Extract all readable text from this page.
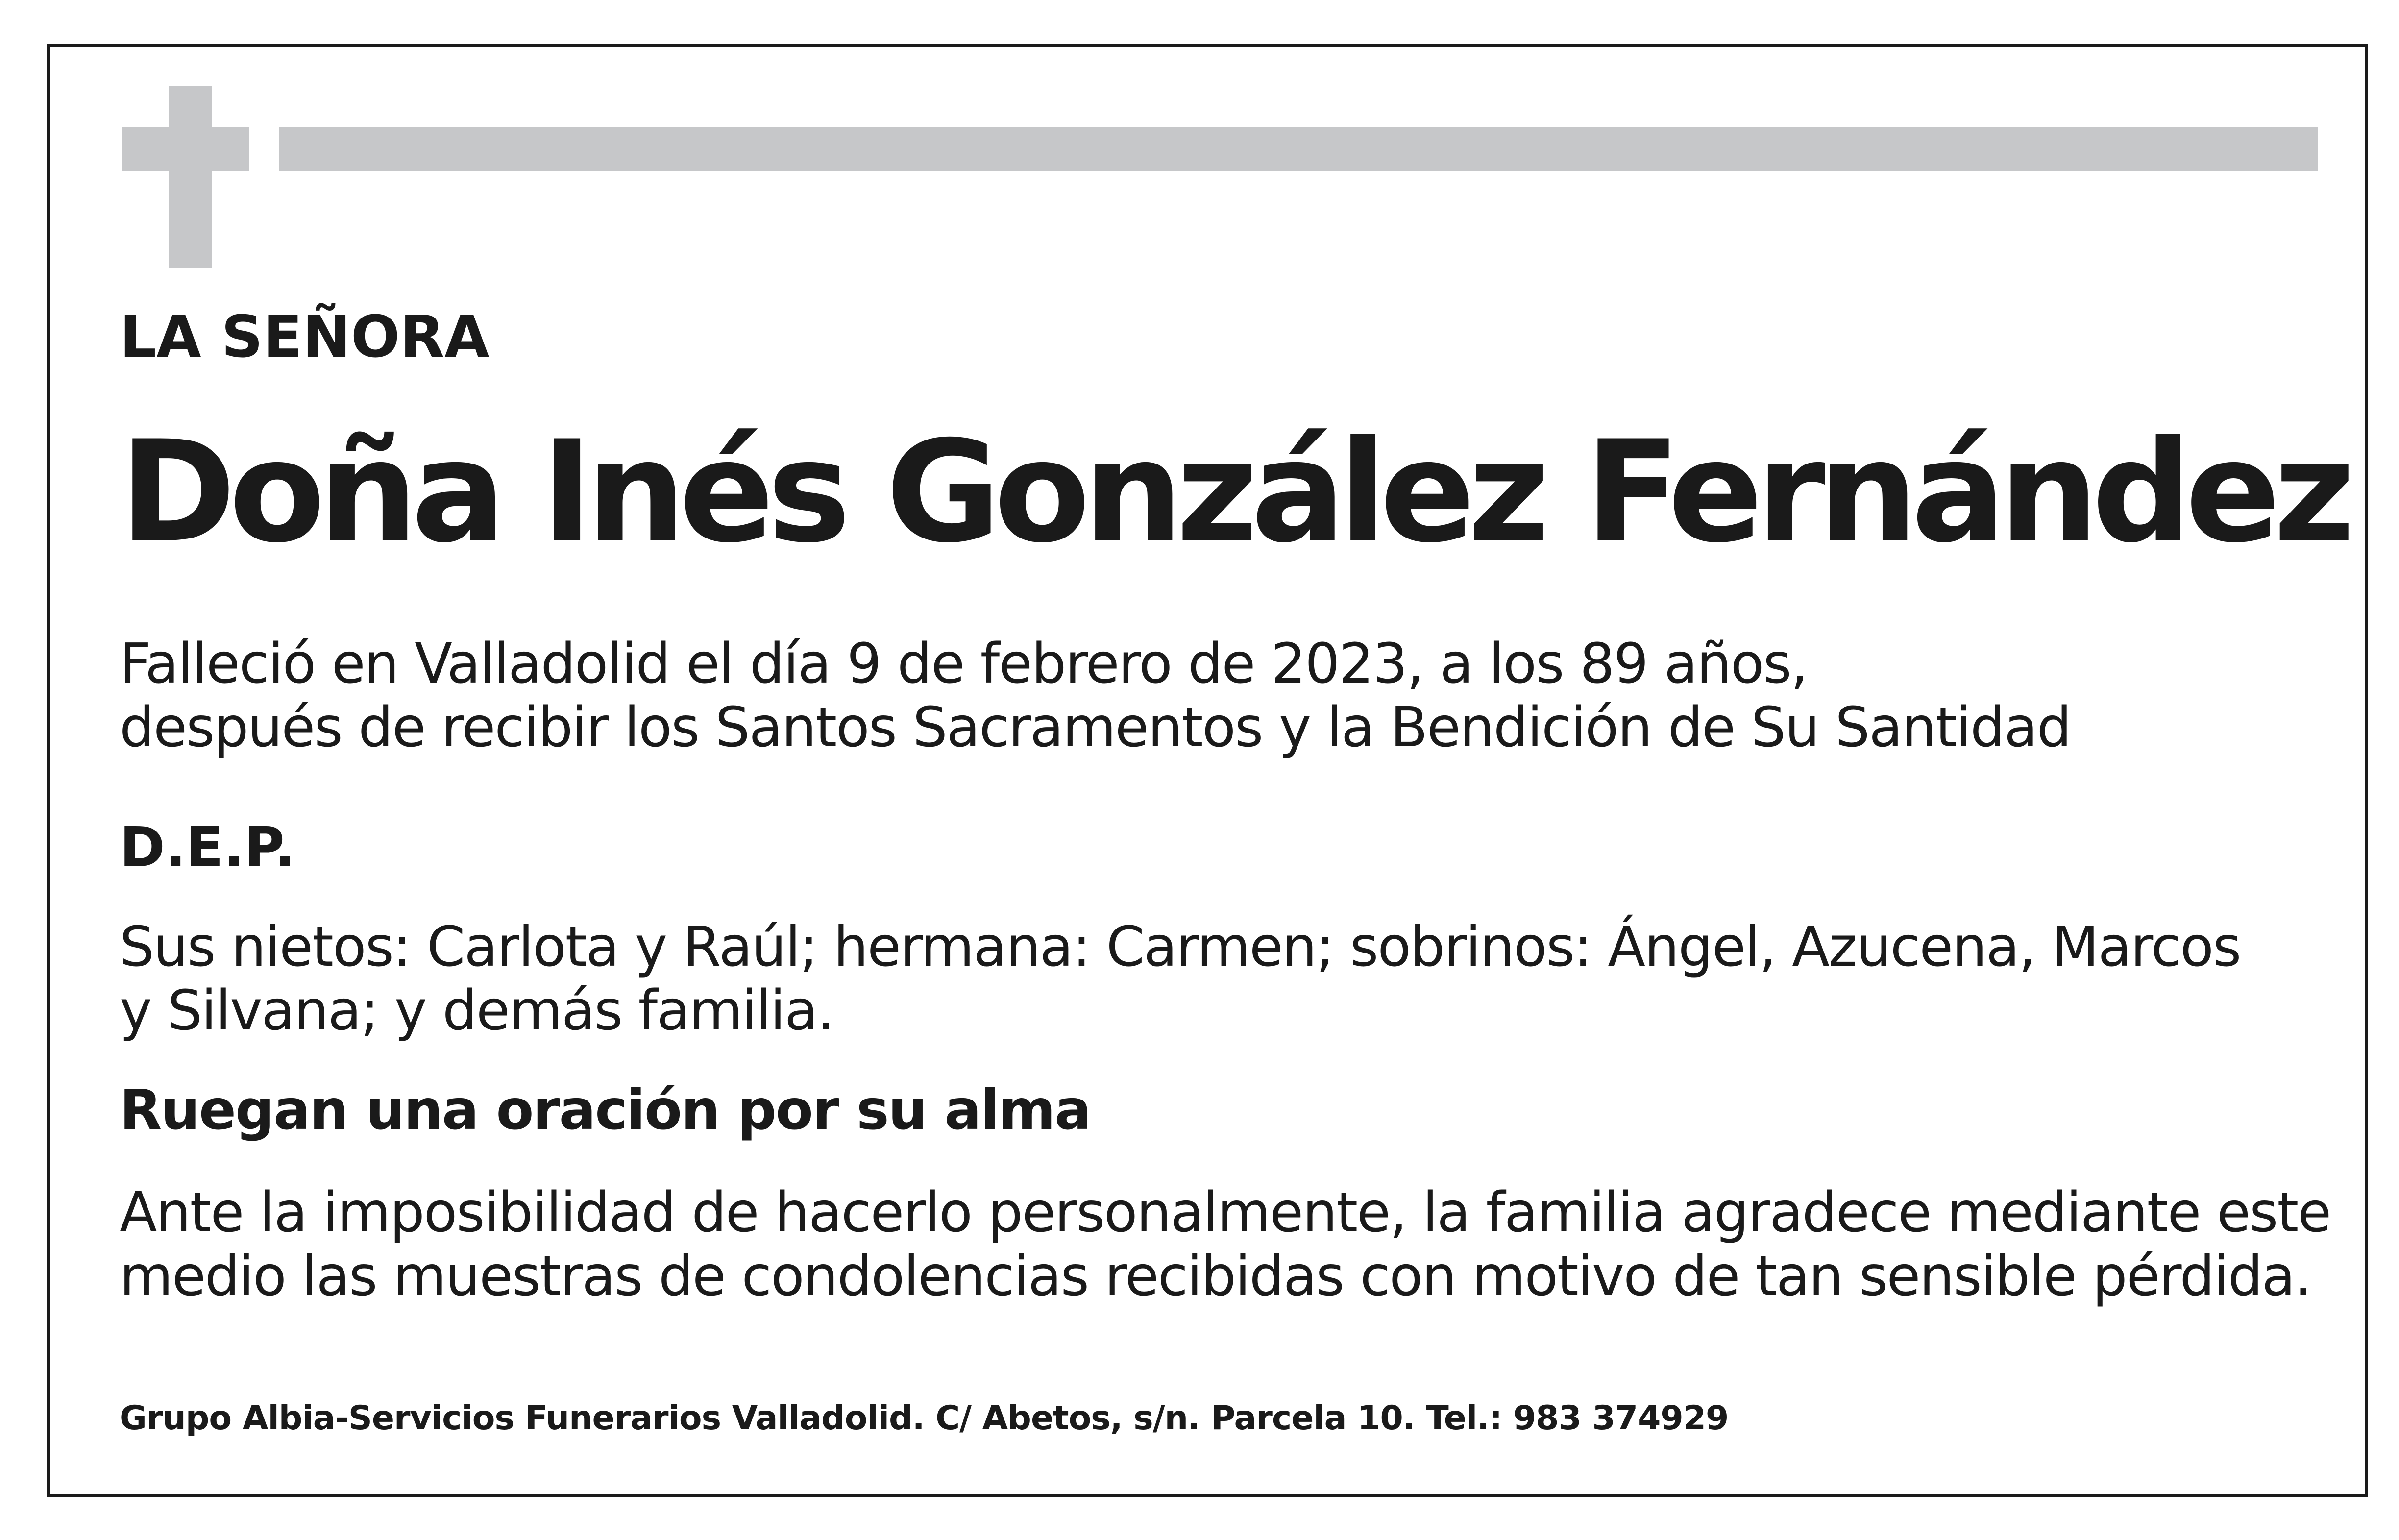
LA SEÑORA

Doña Inés González Fernández

Falleció en Valladolid el día 9 de febrero de 2023, a los 89 años,
después de recibir los Santos Sacramentos y la Bendición de Su Santidad

D.E.P.

Sus nietos: Carlota y Raúl; hermana: Carmen; sobrinos: Ángel, Azucena, Marcos
y Silvana; y demás familia.

Ruegan una oración por su alma

Ante la imposibilidad de hacerlo personalmente, la familia agradece mediante este
medio las muestras de condolencias recibidas con motivo de tan sensible pérdida.

Grupo Albia-Servicios Funerarios Valladolid. C/ Abetos, s/n. Parcela 10. Tel.: 983 374929
